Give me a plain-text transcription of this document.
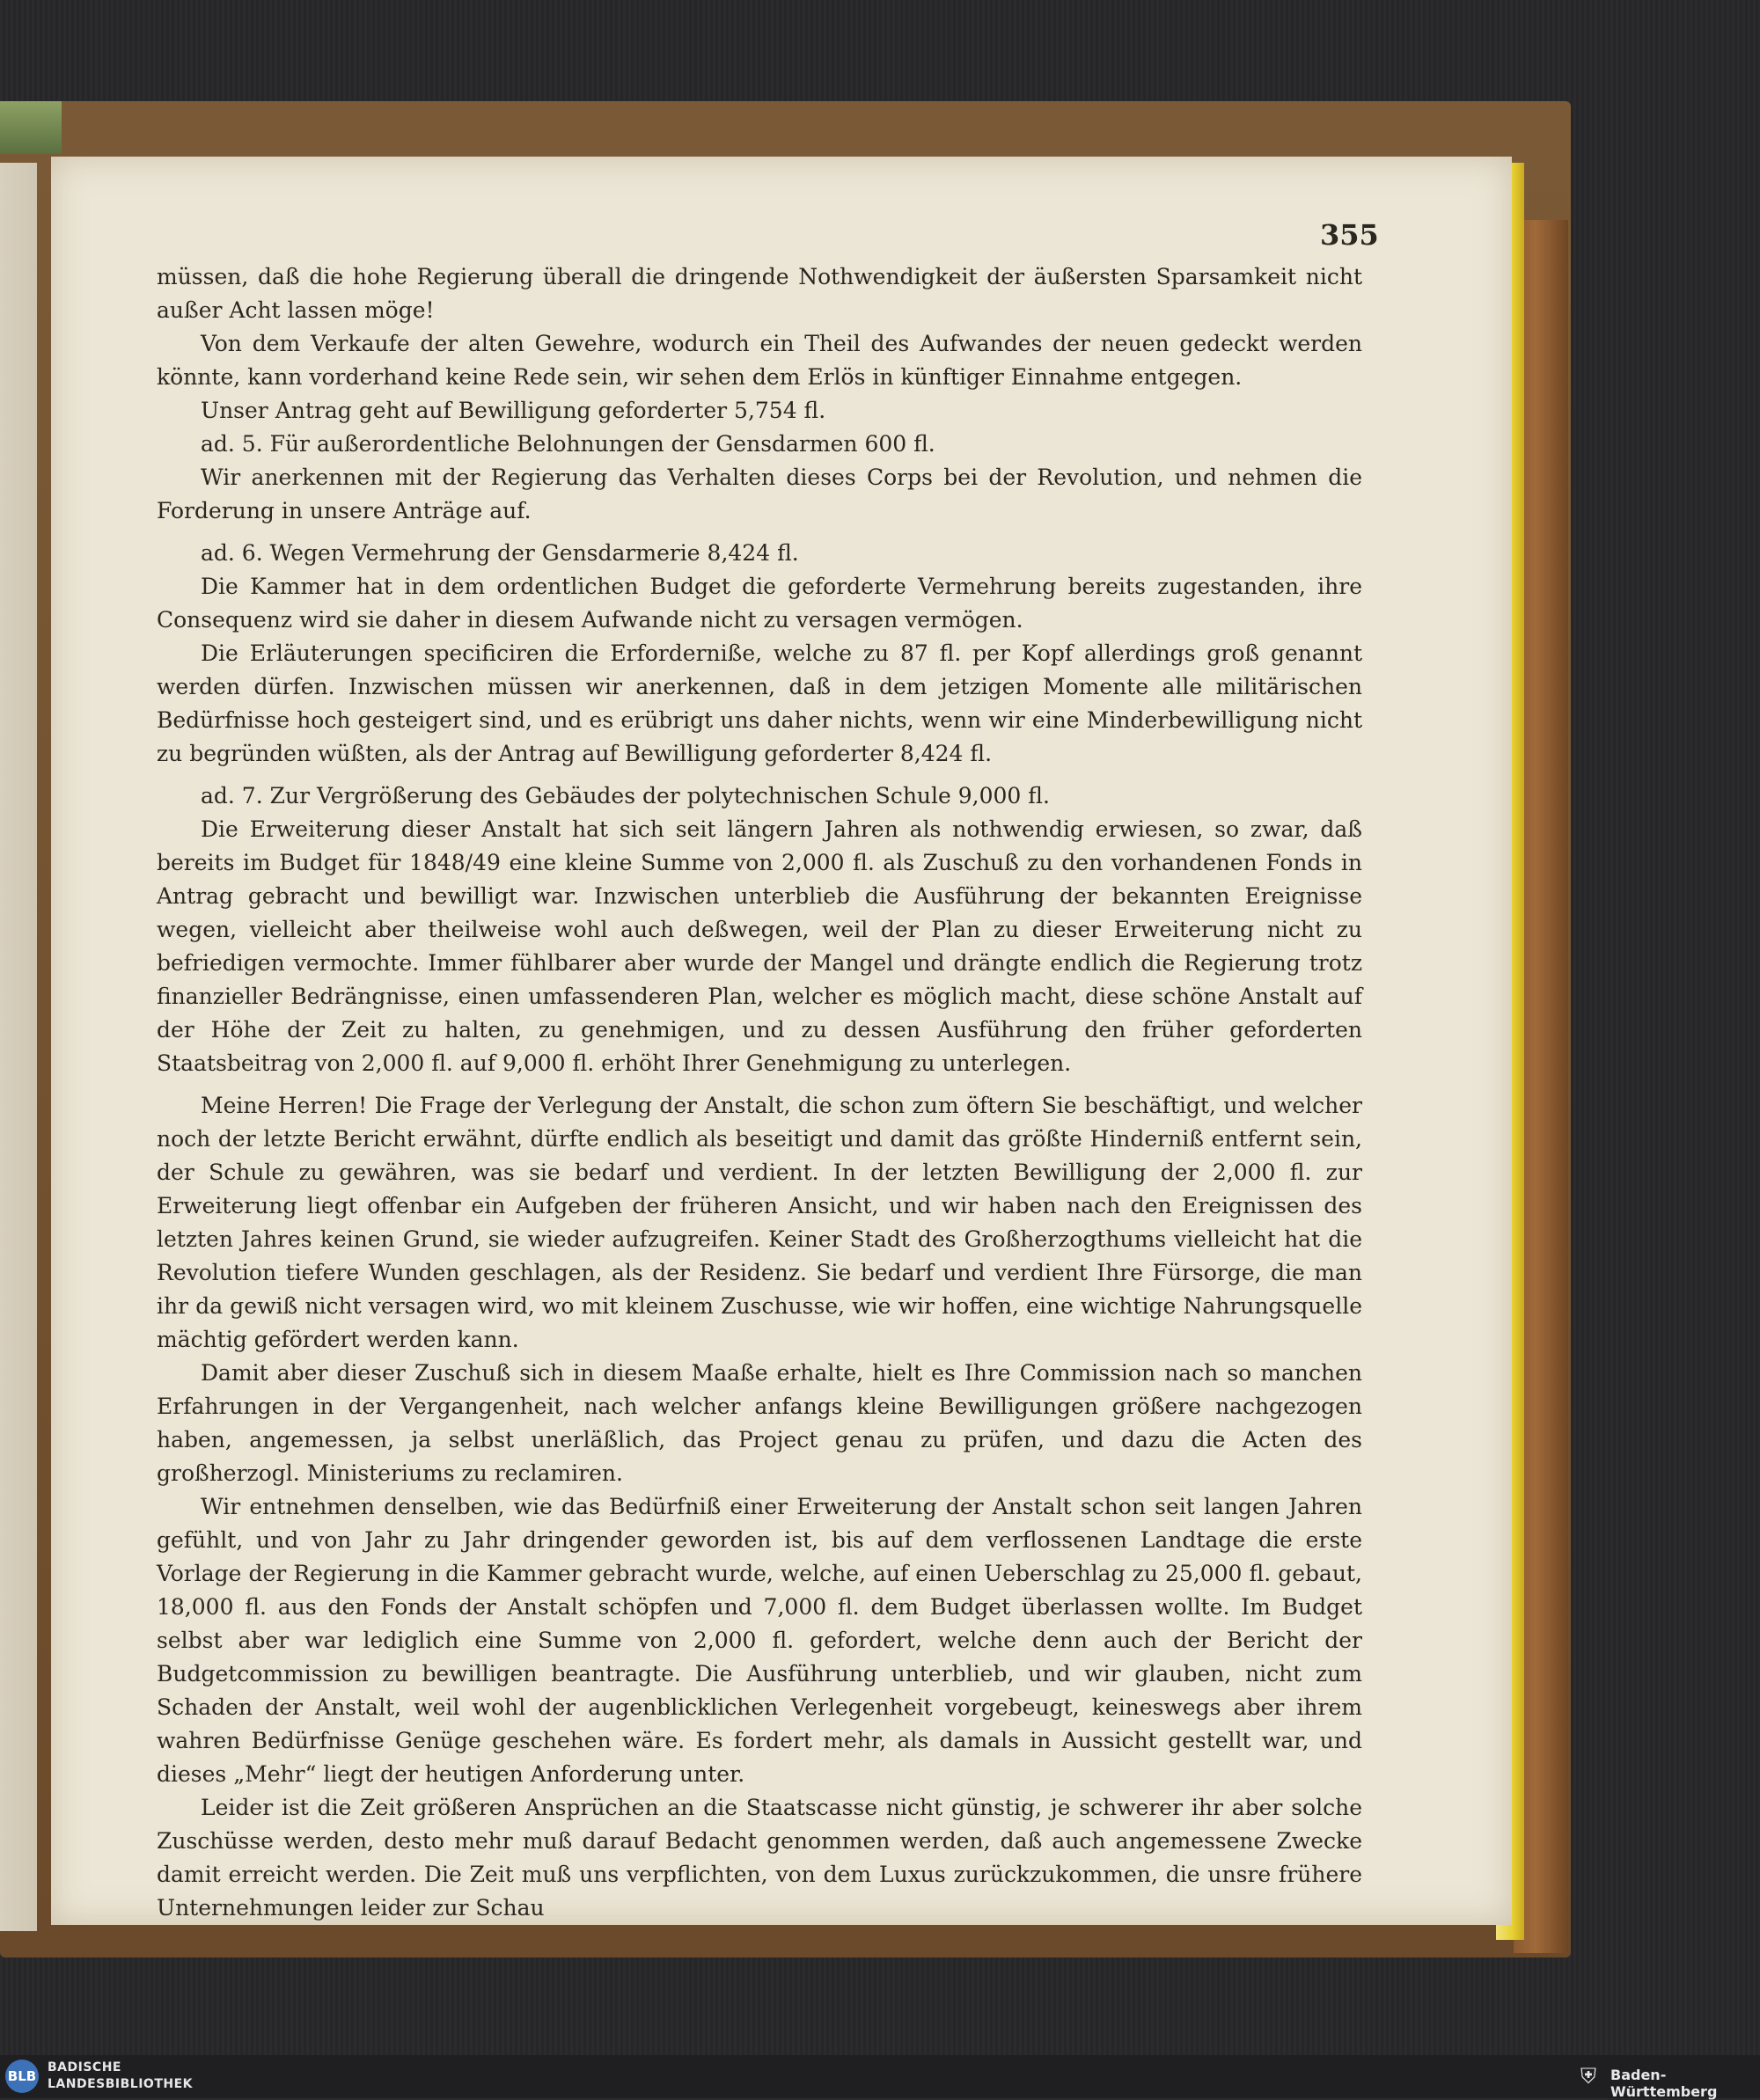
355

müssen, daß die hohe Regierung überall die dringende Nothwendigkeit der äußersten Sparsamkeit nicht außer Acht lassen möge!

Von dem Verkaufe der alten Gewehre, wodurch ein Theil des Aufwandes der neuen gedeckt werden könnte, kann vorderhand keine Rede sein, wir sehen dem Erlös in künftiger Einnahme entgegen.

Unser Antrag geht auf Bewilligung geforderter 5,754 fl.

ad. 5. Für außerordentliche Belohnungen der Gensdarmen 600 fl.

Wir anerkennen mit der Regierung das Verhalten dieses Corps bei der Revolution, und nehmen die Forderung in unsere Anträge auf.

ad. 6. Wegen Vermehrung der Gensdarmerie 8,424 fl.

Die Kammer hat in dem ordentlichen Budget die geforderte Vermehrung bereits zugestanden, ihre Consequenz wird sie daher in diesem Aufwande nicht zu versagen vermögen.

Die Erläuterungen specificiren die Erforderniße, welche zu 87 fl. per Kopf allerdings groß genannt werden dürfen. Inzwischen müssen wir anerkennen, daß in dem jetzigen Momente alle militärischen Bedürfnisse hoch gesteigert sind, und es erübrigt uns daher nichts, wenn wir eine Minderbewilligung nicht zu begründen wüßten, als der Antrag auf Bewilligung geforderter 8,424 fl.

ad. 7. Zur Vergrößerung des Gebäudes der polytechnischen Schule 9,000 fl.

Die Erweiterung dieser Anstalt hat sich seit längern Jahren als nothwendig erwiesen, so zwar, daß bereits im Budget für 1848/49 eine kleine Summe von 2,000 fl. als Zuschuß zu den vorhandenen Fonds in Antrag gebracht und bewilligt war. Inzwischen unterblieb die Ausführung der bekannten Ereignisse wegen, vielleicht aber theilweise wohl auch deßwegen, weil der Plan zu dieser Erweiterung nicht zu befriedigen vermochte. Immer fühlbarer aber wurde der Mangel und drängte endlich die Regierung trotz finanzieller Bedrängnisse, einen umfassenderen Plan, welcher es möglich macht, diese schöne Anstalt auf der Höhe der Zeit zu halten, zu genehmigen, und zu dessen Ausführung den früher geforderten Staatsbeitrag von 2,000 fl. auf 9,000 fl. erhöht Ihrer Genehmigung zu unterlegen.

Meine Herren! Die Frage der Verlegung der Anstalt, die schon zum öftern Sie beschäftigt, und welcher noch der letzte Bericht erwähnt, dürfte endlich als beseitigt und damit das größte Hinderniß entfernt sein, der Schule zu gewähren, was sie bedarf und verdient. In der letzten Bewilligung der 2,000 fl. zur Erweiterung liegt offenbar ein Aufgeben der früheren Ansicht, und wir haben nach den Ereignissen des letzten Jahres keinen Grund, sie wieder aufzugreifen. Keiner Stadt des Großherzogthums vielleicht hat die Revolution tiefere Wunden geschlagen, als der Residenz. Sie bedarf und verdient Ihre Fürsorge, die man ihr da gewiß nicht versagen wird, wo mit kleinem Zuschusse, wie wir hoffen, eine wichtige Nahrungsquelle mächtig gefördert werden kann.

Damit aber dieser Zuschuß sich in diesem Maaße erhalte, hielt es Ihre Commission nach so manchen Erfahrungen in der Vergangenheit, nach welcher anfangs kleine Bewilligungen größere nachgezogen haben, angemessen, ja selbst unerläßlich, das Project genau zu prüfen, und dazu die Acten des großherzogl. Ministeriums zu reclamiren.

Wir entnehmen denselben, wie das Bedürfniß einer Erweiterung der Anstalt schon seit langen Jahren gefühlt, und von Jahr zu Jahr dringender geworden ist, bis auf dem verflossenen Landtage die erste Vorlage der Regierung in die Kammer gebracht wurde, welche, auf einen Ueberschlag zu 25,000 fl. gebaut, 18,000 fl. aus den Fonds der Anstalt schöpfen und 7,000 fl. dem Budget überlassen wollte. Im Budget selbst aber war lediglich eine Summe von 2,000 fl. gefordert, welche denn auch der Bericht der Budgetcommission zu bewilligen beantragte. Die Ausführung unterblieb, und wir glauben, nicht zum Schaden der Anstalt, weil wohl der augenblicklichen Verlegenheit vorgebeugt, keineswegs aber ihrem wahren Bedürfnisse Genüge geschehen wäre. Es fordert mehr, als damals in Aussicht gestellt war, und dieses „Mehr“ liegt der heutigen Anforderung unter.

Leider ist die Zeit größeren Ansprüchen an die Staatscasse nicht günstig, je schwerer ihr aber solche Zuschüsse werden, desto mehr muß darauf Bedacht genommen werden, daß auch angemessene Zwecke damit erreicht werden. Die Zeit muß uns verpflichten, von dem Luxus zurückzukommen, die unsre frühere Unternehmungen leider zur Schau

BLB
BADISCHE
LANDESBIBLIOTHEK	⛨	Baden-Württemberg
